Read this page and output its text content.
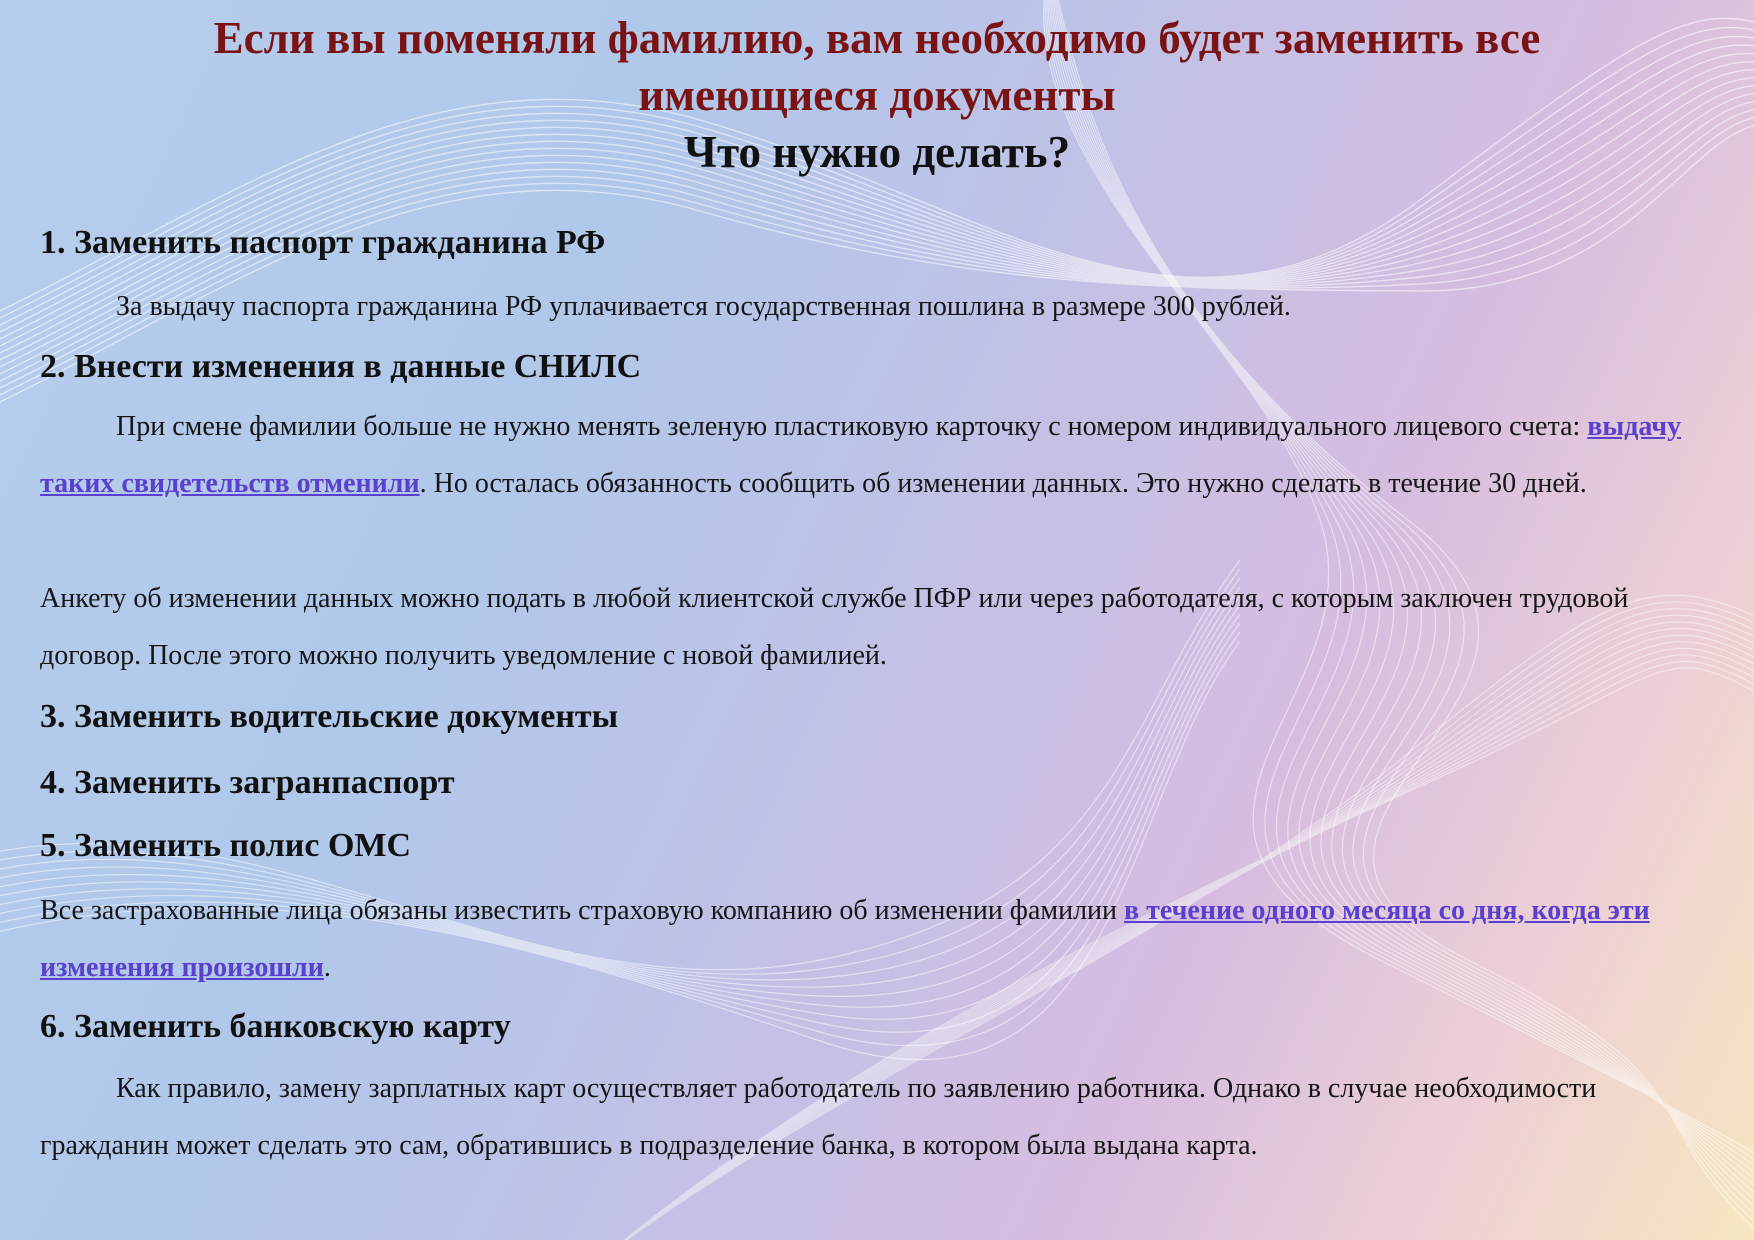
Если вы поменяли фамилию, вам необходимо будет заменить все
имеющиеся документы
Что нужно делать?
1. Заменить паспорт гражданина РФ

За выдачу паспорта гражданина РФ уплачивается государственная пошлина в размере 300 рублей.

2. Внести изменения в данные СНИЛС

При смене фамилии больше не нужно менять зеленую пластиковую карточку с номером индивидуального лицевого счета: выдачу таких свидетельств отменили. Но осталась обязанность сообщить об изменении данных. Это нужно сделать в течение 30 дней.

Анкету об изменении данных можно подать в любой клиентской службе ПФР или через работодателя, с которым заключен трудовой договор. После этого можно получить уведомление с новой фамилией.

3. Заменить водительские документы
4. Заменить загранпаспорт
5. Заменить полис ОМС

Все застрахованные лица обязаны известить страховую компанию об изменении фамилии в течение одного месяца со дня, когда эти изменения произошли.

6. Заменить банковскую карту

Как правило, замену зарплатных карт осуществляет работодатель по заявлению работника. Однако в случае необходимости гражданин может сделать это сам, обратившись в подразделение банка, в котором была выдана карта.
